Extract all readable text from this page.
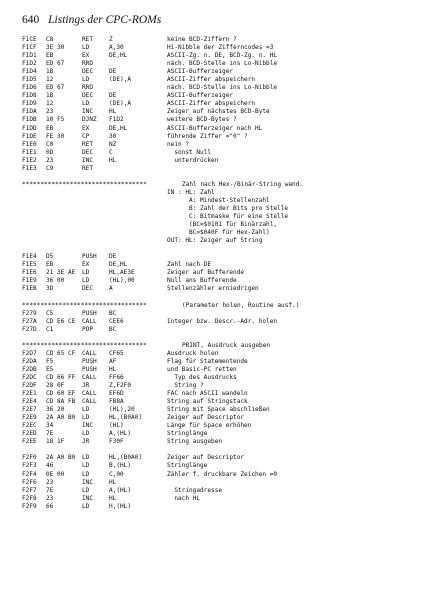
640 Listings der CPC-ROMs
F1CE C8	RET	Z	keine BCD-Ziffern ?
F1CF 3E 30	LD	A,30	Hi-Nibble der Zifferncodes =3
F1D1 EB	EX	DE,HL	ASCII-Zg. n. DE, BCD-Zg. n. HL
F1D2 ED 67	RRD	näch. BCD-Stelle ins Lo-Nibble
F1D4 1B	DEC	DE	ASCII-Bufferzeiger
F1D5 12	LD	(DE),A	ASCII-Ziffer abspeichern
F1D6 ED 67	RRD	näch. BCD-Stelle ins Lo-Nibble
F1D8 1B	DEC	DE	ASCII-Bufferzeiger
F1D9 12	LD	(DE),A	ASCII-Ziffer abspeichern
F1DA 23	INC	HL	Zeiger auf nächstes BCD-Byte
F1DB 10 F5	DJNZ F1D2	weitere BCD-Bytes ?
F1DD EB	EX	DE,HL	ASCII-Bufferzeiger nach HL
F1DE FE 30	CP	30	führende Ziffer ="0" ?
F1E0 C0	RET	NZ	nein ?
F1E1 0D	DEC	C	sonst Null
F1E2 23	INC	HL	unterdrücken
F1E3 C9	RET
**********************************	Zahl nach Hex-/Binär-String wand.
IN : HL: Zahl
A: Mindest-Stellenzahl
B: Zahl der Bits pro Stelle
C: Bitmaske für eine Stelle
(BC=$0101 für Binärzahl,
BC=$040F für Hex-Zahl)
OUT: HL: Zeiger auf String
F1E4 D5	PUSH DE
F1E5 EB	EX	DE,HL	Zahl nach DE
F1E6 21 3E AE LD	HL,AE3E	Zeiger auf Bufferende
F1E9 36 00	LD	(HL),00	Null ans Bufferende
F1EB 3D	DEC	A	Stellenzähler erniedrigen
**********************************	(Parameter holen, Routine ausf.)
F279 C5	PUSH BC
F27A CD E6 CE CALL CEE6	Integer bzw. Descr.-Adr. holen
F27D C1	POP	BC
**********************************	PRINT, Ausdruck ausgeben
F2D7 CD 65 CF CALL CF65	Ausdruck holen
F2DA F5	PUSH AF	Flag für Statementende
F2DB E5	PUSH HL	und Basic-PC retten
F2DC CD 66 FF CALL FF66	Typ des Ausdrucks
F2DF 28 0F	JR	Z,F2F0	String ?
F2E1 CD 60 EF CALL EF6D	FAC nach ASCII wandeln
F2E4 CD 8A FB CALL FB8A	String auf Stringstack
F2E7 36 20	LD	(HL),20	String mit Space abschließen
F2E9 2A A0 B0 LD	HL,(B0A0)	Zeiger auf Descriptor
F2EC 34	INC	(HL)	Länge für Space erhöhen
F2ED 7E	LD	A,(HL)	Stringlänge
F2EE 18 1F	JR	F30F	String ausgeben
F2F0 2A A0 B0 LD	HL,(B0A0)	Zeiger auf Descriptor
F2F3 46	LD	B,(HL)	Stringlänge
F2F4 0E 00	LD	C,00	Zähler f. druckbare Zeichen =0
F2F6 23	INC	HL
F2F7 7E	LD	A,(HL)	Stringadresse
F2F8 23	INC	HL	nach HL
F2F9 66	LD	H,(HL)
